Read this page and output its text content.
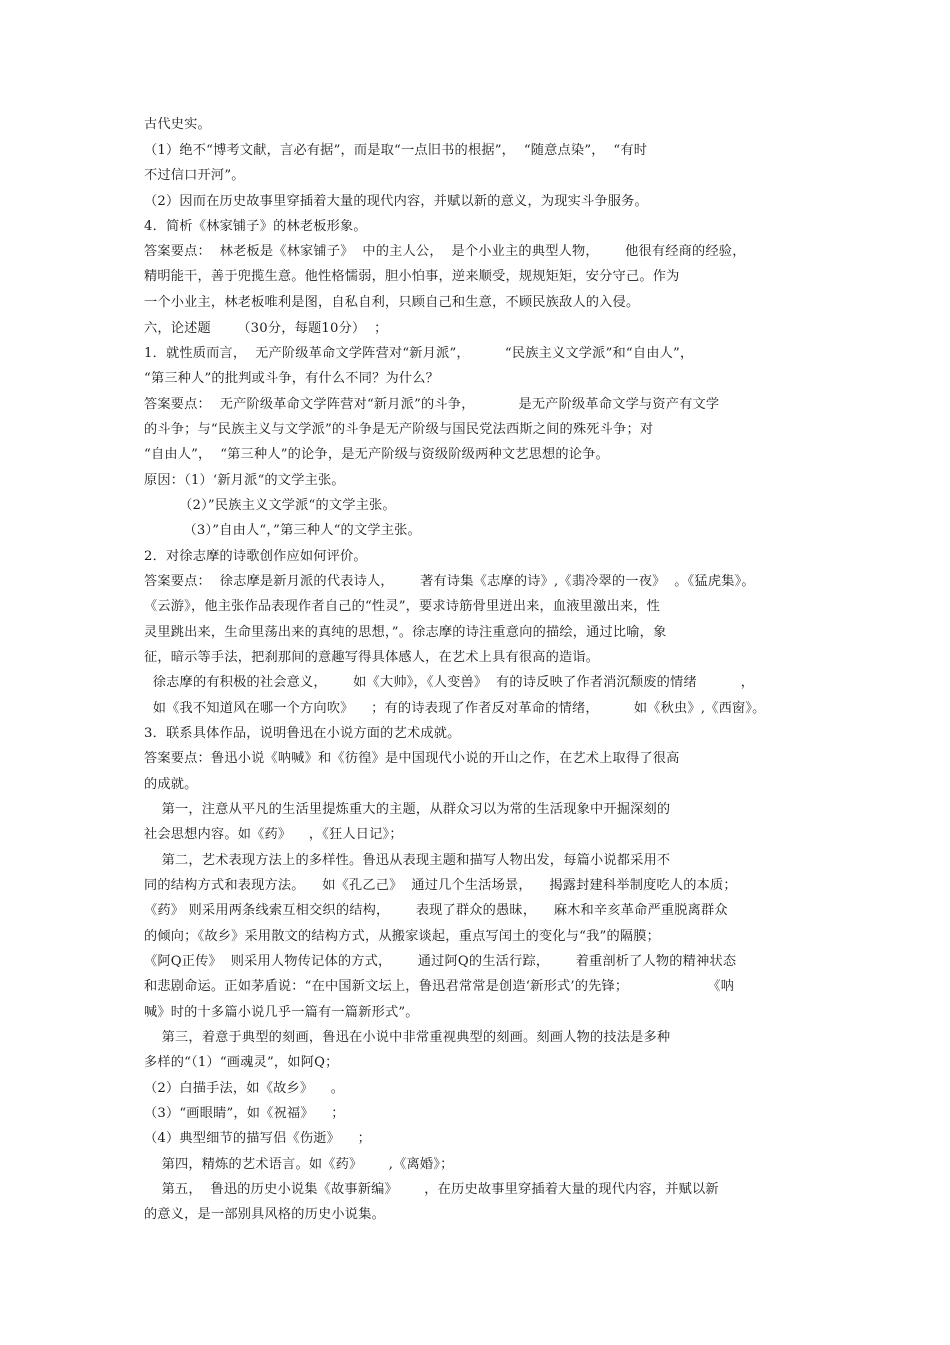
古代史实。
（1）绝不“博考文献，言必有据”，而是取“一点旧书的根据”，  “随意点染”，  “有时
不过信口开河”。
（2）因而在历史故事里穿插着大量的现代内容，并赋以新的意义，为现实斗争服务。
4．简析《林家铺子》的林老板形象。
答案要点：  林老板是《林家铺子》  中的主人公，  是个小业主的典型人物，      他很有经商的经验，
精明能干，善于兜揽生意。他性格懦弱，胆小怕事，逆来顺受，规规矩矩，安分守己。作为
一个小业主，林老板唯利是图，自私自利，只顾自己和生意，不顾民族敌人的入侵。
六，论述题      （30分，每题10分）  ；
1．就性质而言，  无产阶级革命文学阵营对“新月派”，        “民族主义文学派”和“自由人”，
“第三种人”的批判或斗争，有什么不同？为什么？
答案要点：  无产阶级革命文学阵营对“新月派”的斗争，          是无产阶级革命文学与资产有文学
的斗争；与“民族主义与文学派”的斗争是无产阶级与国民党法西斯之间的殊死斗争；对
“自由人”，  “第三种人”的论争，是无产阶级与资级阶级两种文艺思想的论争。
原因：（1）‘新月派“的文学主张。
（2）”民族主义文学派“的文学主张。
（3）”自由人“，”第三种人“的文学主张。
2．对徐志摩的诗歌创作应如何评价。
答案要点：  徐志摩是新月派的代表诗人，      著有诗集《志摩的诗》,《翡冷翠的一夜》  。《猛虎集》。
《云游》，他主张作品表现作者自己的“性灵”，要求诗筋骨里迸出来，血液里激出来，性
灵里跳出来，生命里荡出来的真纯的思想，”。徐志摩的诗注重意向的描绘，通过比喻，象
征，暗示等手法，把刹那间的意趣写得具体感人，在艺术上具有很高的造诣。
徐志摩的有积极的社会意义，      如《大帅》，《人变兽》  有的诗反映了作者消沉颓废的情绪          ，
如《我不知道风在哪一个方向吹》    ；有的诗表现了作者反对革命的情绪，        如《秋虫》,《西窗》。
3．联系具体作品，说明鲁迅在小说方面的艺术成就。
答案要点：鲁迅小说《呐喊》和《彷徨》是中国现代小说的开山之作，在艺术上取得了很高
的成就。
第一，注意从平凡的生活里提炼重大的主题，从群众习以为常的生活现象中开掘深刻的
社会思想内容。如《药》    ，《狂人日记》；
第二，艺术表现方法上的多样性。鲁迅从表现主题和描写人物出发，每篇小说都采用不
同的结构方式和表现方法。    如《孔乙己》  通过几个生活场景，    揭露封建科举制度吃人的本质；
《药》 则采用两条线索互相交织的结构，      表现了群众的愚昧，    麻木和辛亥革命严重脱离群众
的倾向；《故乡》采用散文的结构方式，从搬家谈起，重点写闰土的变化与“我”的隔膜；
《阿Q正传》  则采用人物传记体的方式，      通过阿Q的生活行踪，      着重剖析了人物的精神状态
和悲剧命运。正如茅盾说：“在中国新文坛上，鲁迅君常常是创造‘新形式’的先锋；                  《呐
喊》时的十多篇小说几乎一篇有一篇新形式”。
第三，着意于典型的刻画，鲁迅在小说中非常重视典型的刻画。刻画人物的技法是多种
多样的“（1）“画魂灵”，如阿Q；
（2）白描手法，如《故乡》    。
（3）“画眼睛”，如《祝福》    ；
（4）典型细节的描写侣《伤逝》    ；
第四，精炼的艺术语言。如《药》      ,《离婚》；
第五，  鲁迅的历史小说集《故事新编》      ，在历史故事里穿插着大量的现代内容，并赋以新
的意义，是一部别具风格的历史小说集。
